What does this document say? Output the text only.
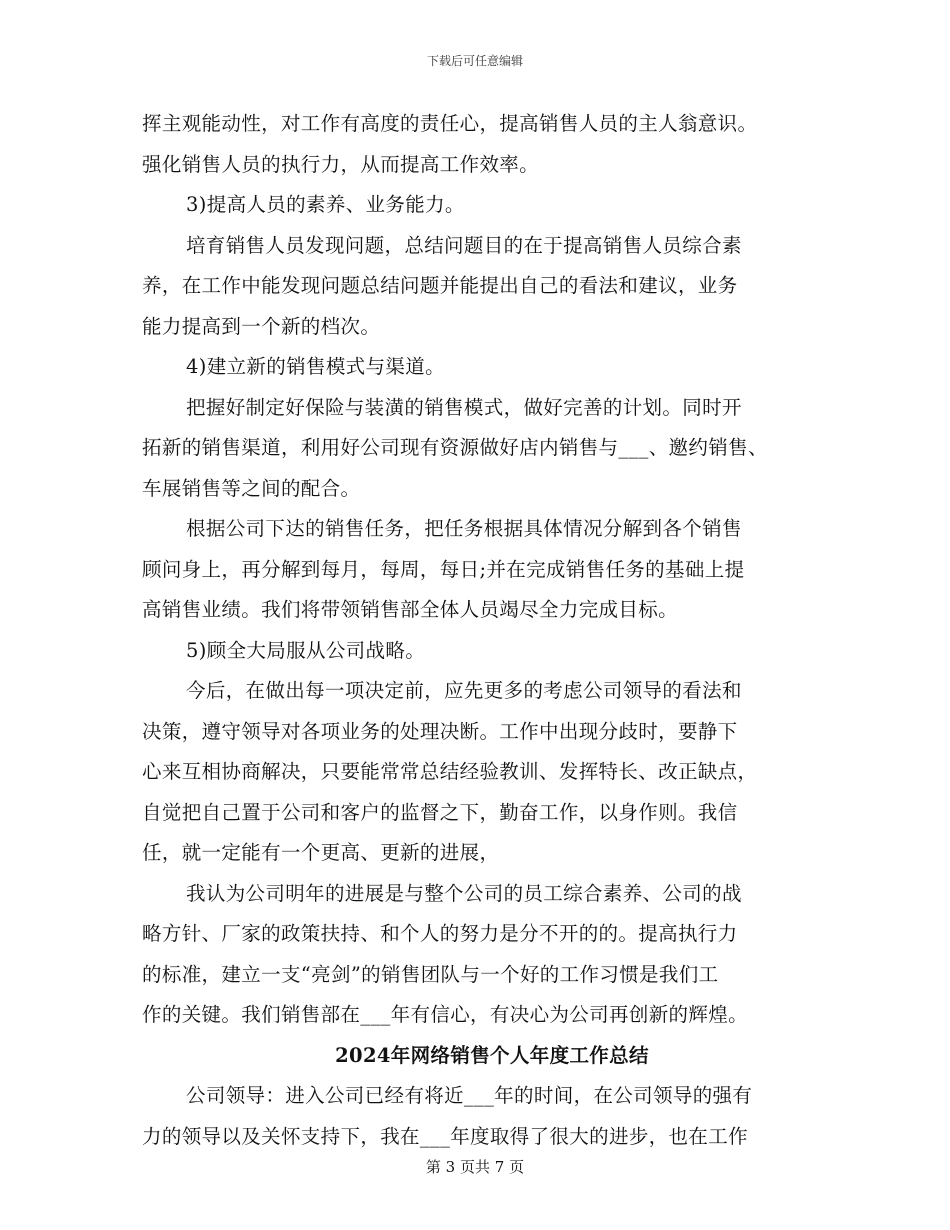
下载后可任意编辑
挥主观能动性，对工作有高度的责任心，提高销售人员的主人翁意识。
强化销售人员的执行力，从而提高工作效率。
3)提高人员的素养、业务能力。
培育销售人员发现问题，总结问题目的在于提高销售人员综合素
养，在工作中能发现问题总结问题并能提出自己的看法和建议，业务
能力提高到一个新的档次。
4)建立新的销售模式与渠道。
把握好制定好保险与装潢的销售模式，做好完善的计划。同时开
拓新的销售渠道，利用好公司现有资源做好店内销售与___、邀约销售、
车展销售等之间的配合。
根据公司下达的销售任务，把任务根据具体情况分解到各个销售
顾问身上，再分解到每月，每周，每日;并在完成销售任务的基础上提
高销售业绩。我们将带领销售部全体人员竭尽全力完成目标。
5)顾全大局服从公司战略。
今后，在做出每一项决定前，应先更多的考虑公司领导的看法和
决策，遵守领导对各项业务的处理决断。工作中出现分歧时，要静下
心来互相协商解决，只要能常常总结经验教训、发挥特长、改正缺点，
自觉把自己置于公司和客户的监督之下，勤奋工作，以身作则。我信
任，就一定能有一个更高、更新的进展，
我认为公司明年的进展是与整个公司的员工综合素养、公司的战
略方针、厂家的政策扶持、和个人的努力是分不开的的。提高执行力
的标准，建立一支“亮剑”的销售团队与一个好的工作习惯是我们工
作的关键。我们销售部在___年有信心，有决心为公司再创新的辉煌。
2024年网络销售个人年度工作总结
公司领导：进入公司已经有将近___年的时间，在公司领导的强有
力的领导以及关怀支持下，我在___年度取得了很大的进步，也在工作
第 3 页共 7 页
